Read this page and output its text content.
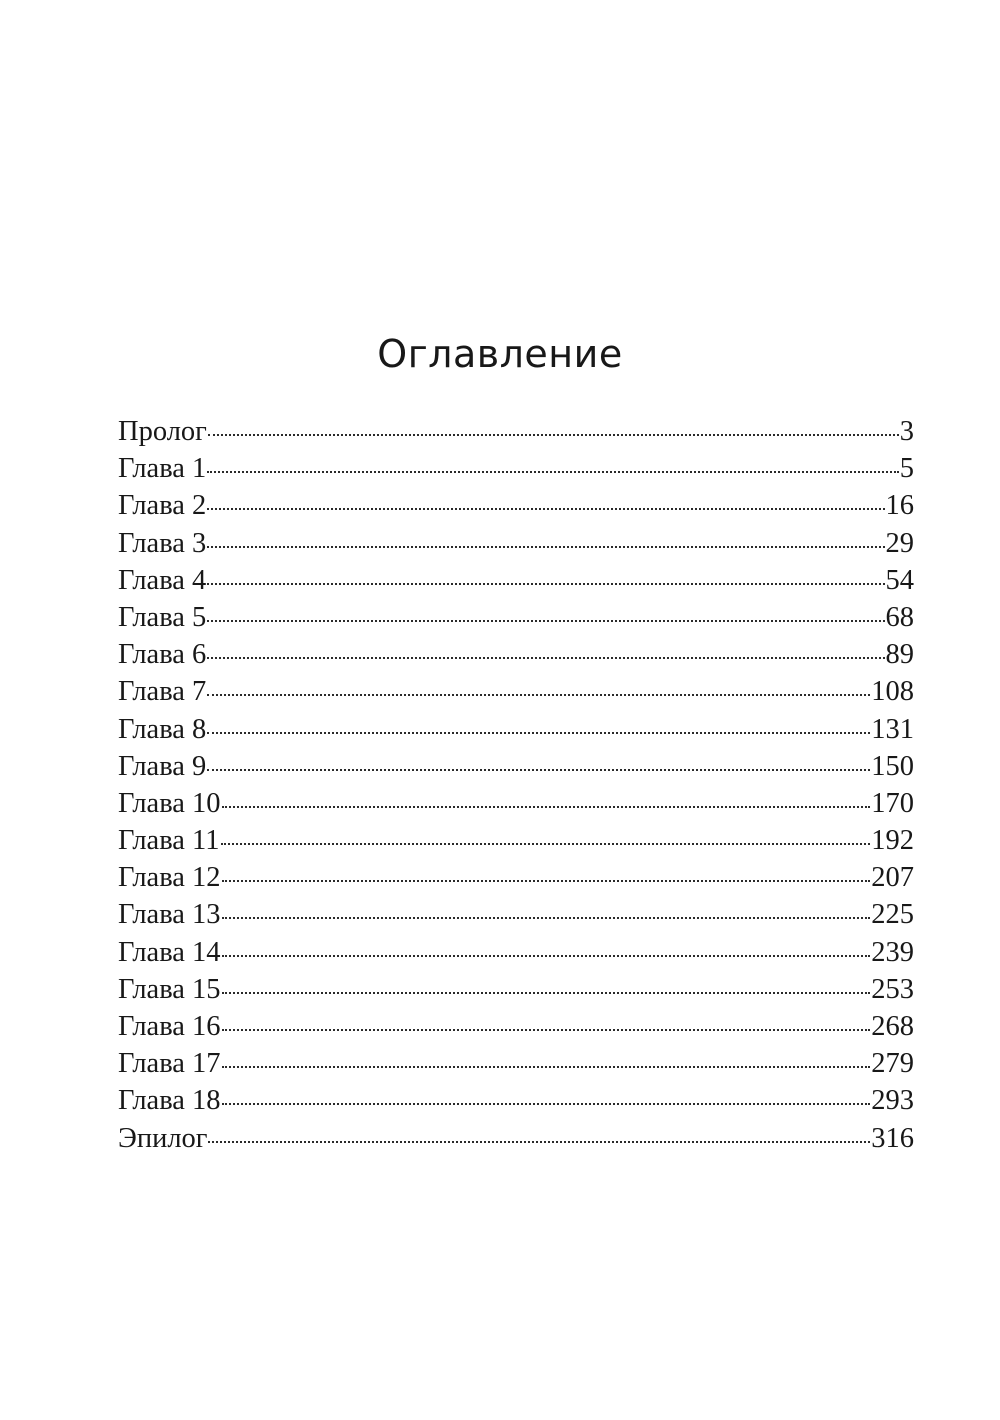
Оглавление
Пролог	3
Глава 1	5
Глава 2	16
Глава 3	29
Глава 4	54
Глава 5	68
Глава 6	89
Глава 7	108
Глава 8	131
Глава 9	150
Глава 10	170
Глава 11	192
Глава 12	207
Глава 13	225
Глава 14	239
Глава 15	253
Глава 16	268
Глава 17	279
Глава 18	293
Эпилог	316
